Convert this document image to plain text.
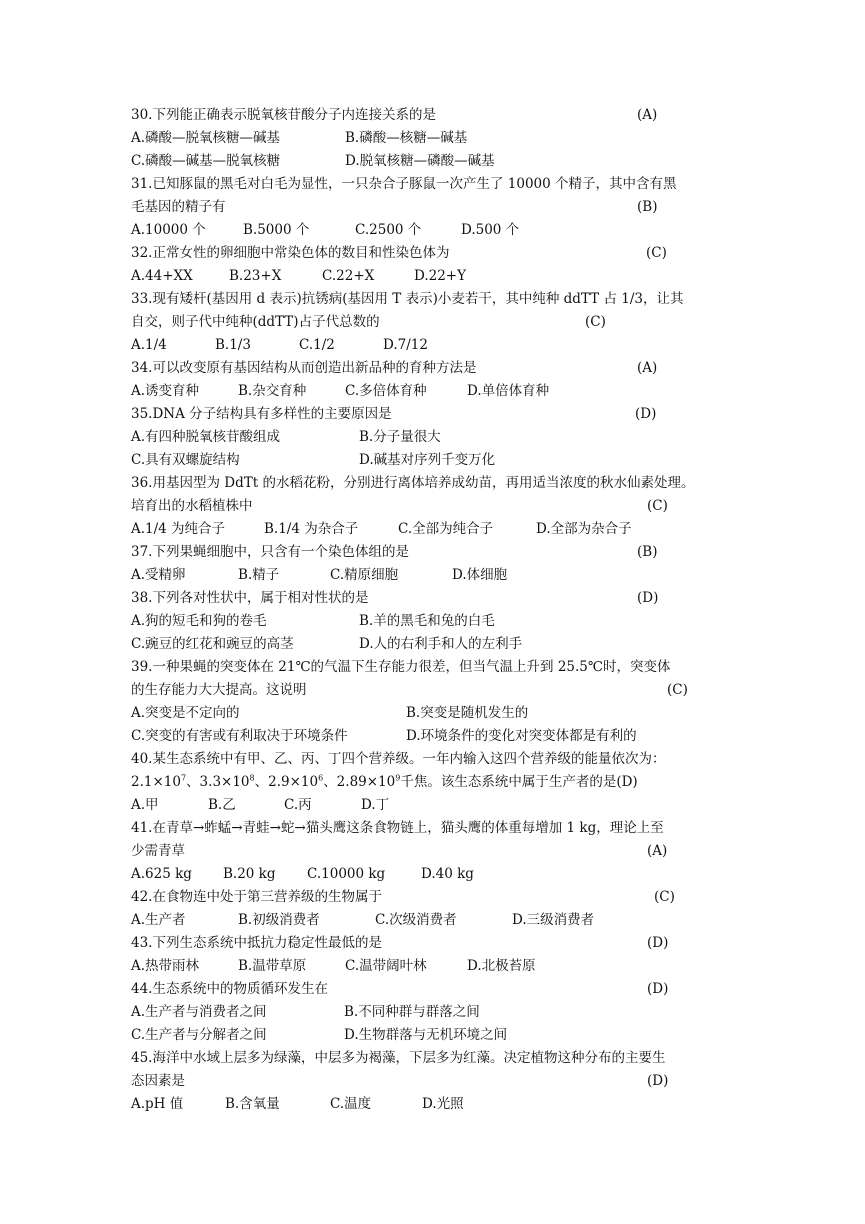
30.下列能正确表示脱氧核苷酸分子内连接关系的是	(A)
A.磷酸—脱氧核糖—碱基	B.磷酸—核糖—碱基
C.磷酸—碱基—脱氧核糖	D.脱氧核糖—磷酸—碱基
31.已知豚鼠的黑毛对白毛为显性，一只杂合子豚鼠一次产生了 10000 个精子，其中含有黑
毛基因的精子有	(B)
A.10000 个	B.5000 个	C.2500 个	D.500 个
32.正常女性的卵细胞中常染色体的数目和性染色体为	(C)
A.44+XX	B.23+X	C.22+X	D.22+Y
33.现有矮杆(基因用 d 表示)抗锈病(基因用 T 表示)小麦若干，其中纯种 ddTT 占 1/3，让其
自交，则子代中纯种(ddTT)占子代总数的	(C)
A.1/4	B.1/3	C.1/2	D.7/12
34.可以改变原有基因结构从而创造出新品种的育种方法是	(A)
A.诱变育种	B.杂交育种	C.多倍体育种	D.单倍体育种
35.DNA 分子结构具有多样性的主要原因是	(D)
A.有四种脱氧核苷酸组成	B.分子量很大
C.具有双螺旋结构	D.碱基对序列千变万化
36.用基因型为 DdTt 的水稻花粉，分别进行离体培养成幼苗，再用适当浓度的秋水仙素处理。
培育出的水稻植株中	(C)
A.1/4 为纯合子	B.1/4 为杂合子	C.全部为纯合子	D.全部为杂合子
37.下列果蝇细胞中，只含有一个染色体组的是	(B)
A.受精卵	B.精子	C.精原细胞	D.体细胞
38.下列各对性状中，属于相对性状的是	(D)
A.狗的短毛和狗的卷毛	B.羊的黑毛和兔的白毛
C.豌豆的红花和豌豆的高茎	D.人的右利手和人的左利手
39.一种果蝇的突变体在 21℃的气温下生存能力很差，但当气温上升到 25.5℃时，突变体
的生存能力大大提高。这说明	(C)
A.突变是不定向的	B.突变是随机发生的
C.突变的有害或有利取决于环境条件	D.环境条件的变化对突变体都是有利的
40.某生态系统中有甲、乙、丙、丁四个营养级。一年内输入这四个营养级的能量依次为：
$2.1\times 10^7$、$3.3\times 10^8$、$2.9\times 10^6$、$2.89\times 10^9$千焦。该生态系统中属于生产者的是(D)
A.甲	B.乙	C.丙	D.丁
41.在青草→蚱蜢→青蛙→蛇→猫头鹰这条食物链上，猫头鹰的体重每增加 1 kg，理论上至
少需青草	(A)
A.625 kg B.20 kg C.10000 kg	D.40 kg
42.在食物连中处于第三营养级的生物属于	(C)
A.生产者	B.初级消费者	C.次级消费者	D.三级消费者
43.下列生态系统中抵抗力稳定性最低的是	(D)
A.热带雨林	B.温带草原	C.温带阔叶林	D.北极苔原
44.生态系统中的物质循环发生在	(D)
A.生产者与消费者之间	B.不同种群与群落之间
C.生产者与分解者之间	D.生物群落与无机环境之间
45.海洋中水域上层多为绿藻，中层多为褐藻，下层多为红藻。决定植物这种分布的主要生
态因素是	(D)
A.pH 值	B.含氧量	C.温度	D.光照
